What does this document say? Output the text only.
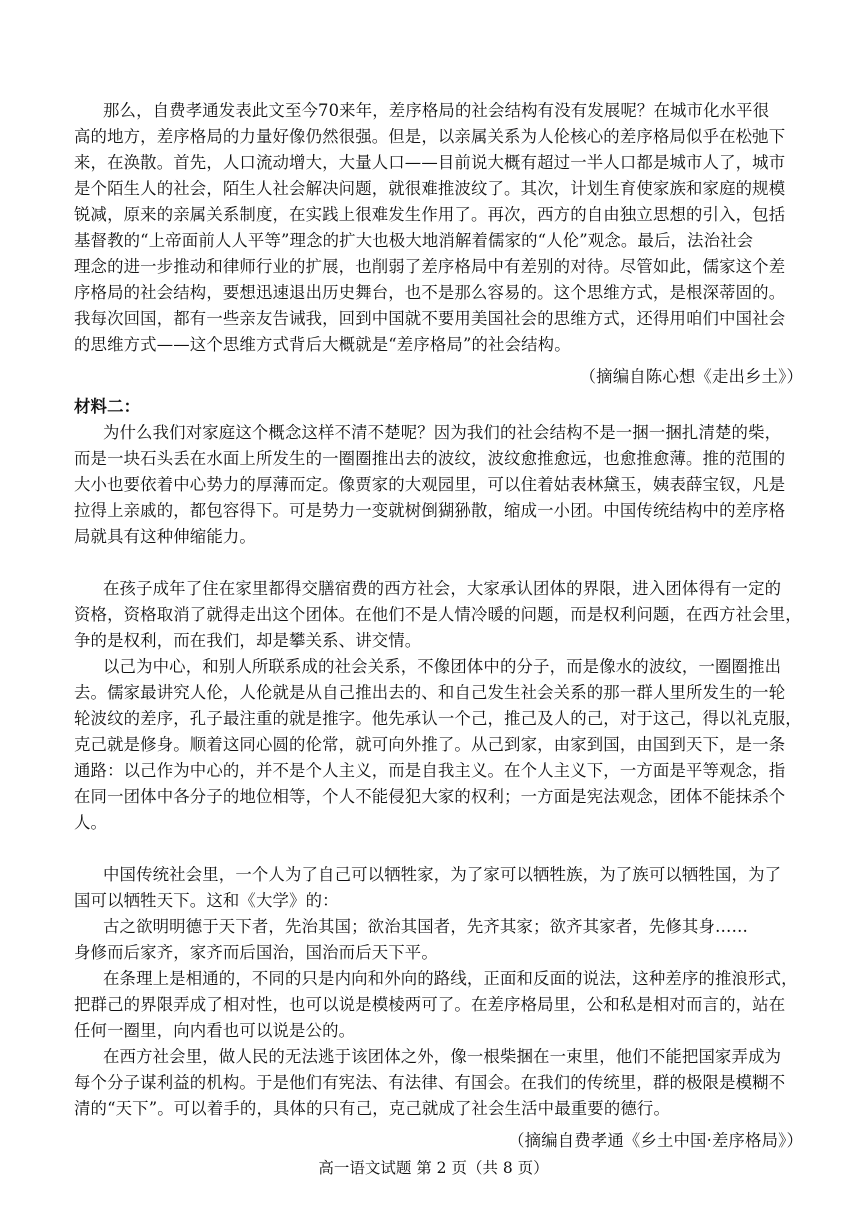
那么，自费孝通发表此文至今70来年，差序格局的社会结构有没有发展呢？在城市化水平很
高的地方，差序格局的力量好像仍然很强。但是，以亲属关系为人伦核心的差序格局似乎在松弛下
来，在涣散。首先，人口流动增大，大量人口——目前说大概有超过一半人口都是城市人了，城市
是个陌生人的社会，陌生人社会解决问题，就很难推波纹了。其次，计划生育使家族和家庭的规模
锐减，原来的亲属关系制度，在实践上很难发生作用了。再次，西方的自由独立思想的引入，包括
基督教的“上帝面前人人平等”理念的扩大也极大地消解着儒家的“人伦”观念。最后，法治社会
理念的进一步推动和律师行业的扩展，也削弱了差序格局中有差别的对待。尽管如此，儒家这个差
序格局的社会结构，要想迅速退出历史舞台，也不是那么容易的。这个思维方式，是根深蒂固的。
我每次回国，都有一些亲友告诫我，回到中国就不要用美国社会的思维方式，还得用咱们中国社会
的思维方式——这个思维方式背后大概就是“差序格局”的社会结构。
（摘编自陈心想《走出乡土》）
材料二：
为什么我们对家庭这个概念这样不清不楚呢？因为我们的社会结构不是一捆一捆扎清楚的柴，
而是一块石头丢在水面上所发生的一圈圈推出去的波纹，波纹愈推愈远，也愈推愈薄。推的范围的
大小也要依着中心势力的厚薄而定。像贾家的大观园里，可以住着姑表林黛玉，姨表薛宝钗，凡是
拉得上亲戚的，都包容得下。可是势力一变就树倒猢狲散，缩成一小团。中国传统结构中的差序格
局就具有这种伸缩能力。
在孩子成年了住在家里都得交膳宿费的西方社会，大家承认团体的界限，进入团体得有一定的
资格，资格取消了就得走出这个团体。在他们不是人情冷暖的问题，而是权利问题，在西方社会里，
争的是权利，而在我们，却是攀关系、讲交情。
以己为中心，和别人所联系成的社会关系，不像团体中的分子，而是像水的波纹，一圈圈推出
去。儒家最讲究人伦，人伦就是从自己推出去的、和自己发生社会关系的那一群人里所发生的一轮
轮波纹的差序，孔子最注重的就是推字。他先承认一个己，推己及人的己，对于这己，得以礼克服，
克己就是修身。顺着这同心圆的伦常，就可向外推了。从己到家，由家到国，由国到天下，是一条
通路：以己作为中心的，并不是个人主义，而是自我主义。在个人主义下，一方面是平等观念，指
在同一团体中各分子的地位相等，个人不能侵犯大家的权利；一方面是宪法观念，团体不能抹杀个
人。
中国传统社会里，一个人为了自己可以牺牲家，为了家可以牺牲族，为了族可以牺牲国，为了
国可以牺牲天下。这和《大学》的：
古之欲明明德于天下者，先治其国；欲治其国者，先齐其家；欲齐其家者，先修其身……
身修而后家齐，家齐而后国治，国治而后天下平。
在条理上是相通的，不同的只是内向和外向的路线，正面和反面的说法，这种差序的推浪形式，
把群己的界限弄成了相对性，也可以说是模棱两可了。在差序格局里，公和私是相对而言的，站在
任何一圈里，向内看也可以说是公的。
在西方社会里，做人民的无法逃于该团体之外，像一根柴捆在一束里，他们不能把国家弄成为
每个分子谋利益的机构。于是他们有宪法、有法律、有国会。在我们的传统里，群的极限是模糊不
清的“天下”。可以着手的，具体的只有己，克己就成了社会生活中最重要的德行。
（摘编自费孝通《乡土中国·差序格局》）
高一语文试题 第 2 页（共 8 页）
